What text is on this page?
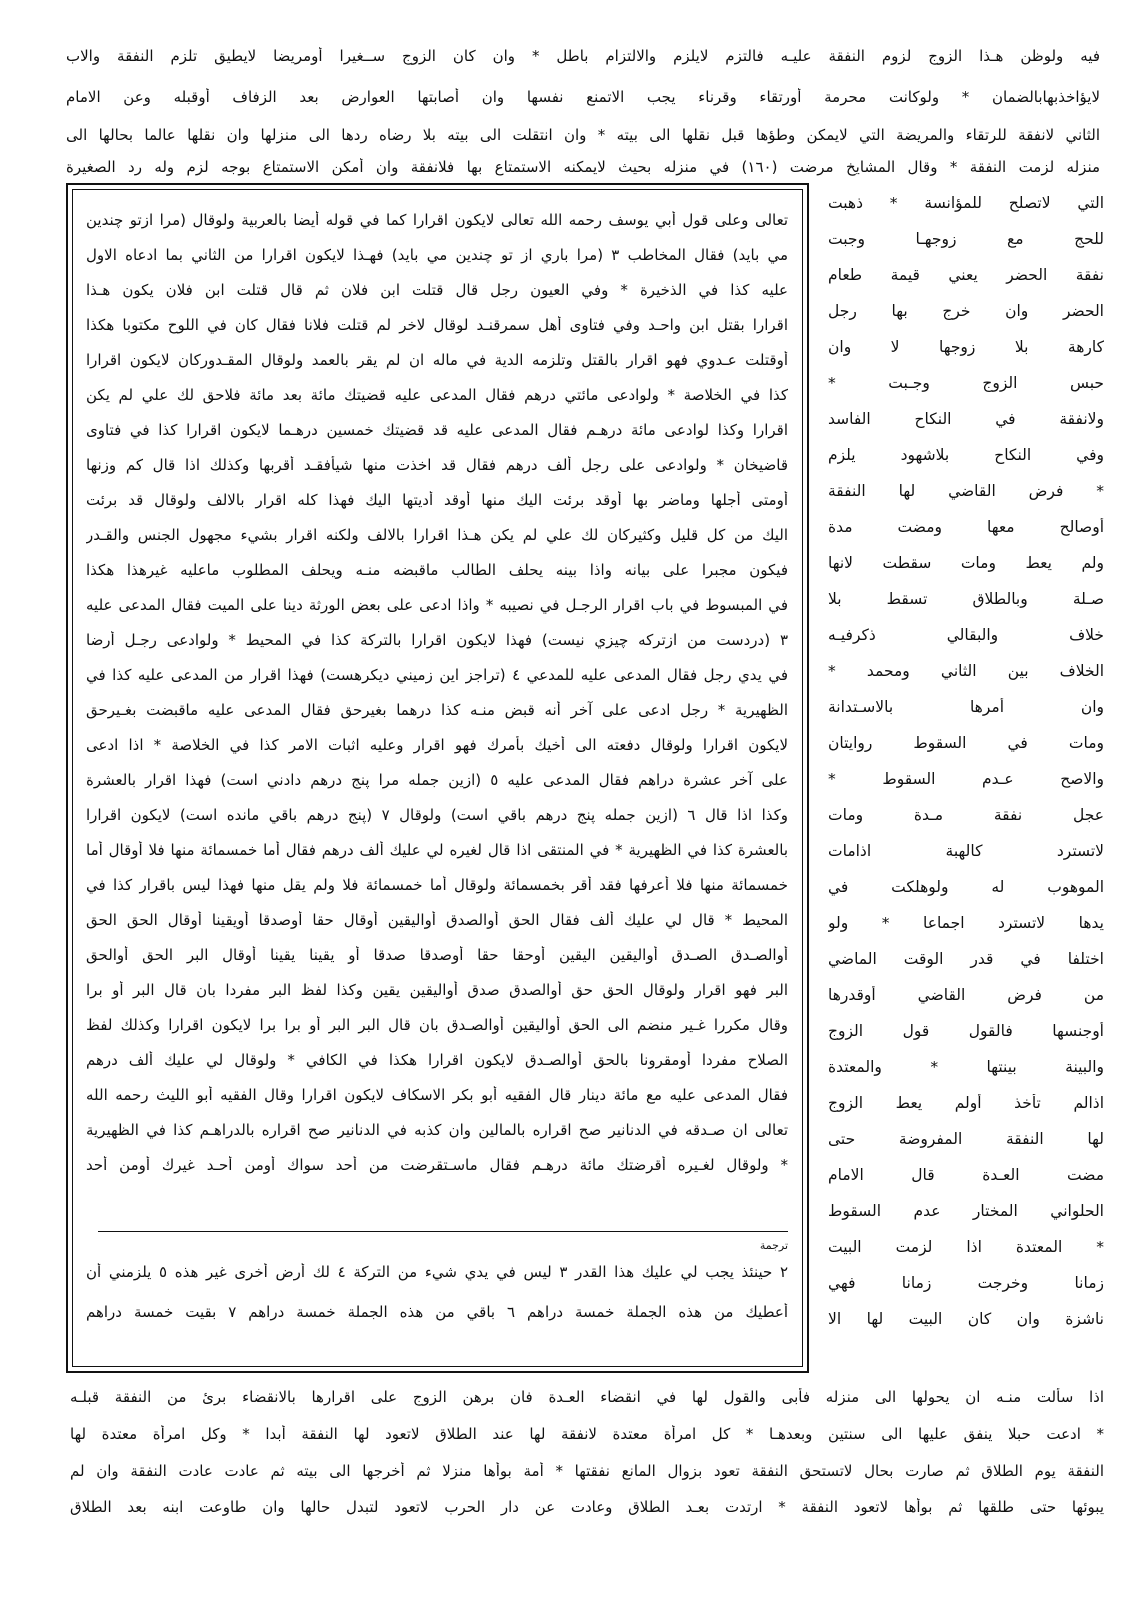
فيه ولوظن هـذا الزوج لزوم النفقة عليـه فالتزم لايلزم والالتزام باطل * وان كان الزوج ســغيرا أومريضا لايطيق تلزم النفقة والاب
لايؤاخذبهابالضمان * ولوكانت محرمة أورتقاء وقرناء يجب الاتمنع نفسها وان أصابتها العوارض بعد الزفاف أوقبله وعن الامام
الثاني لانفقة للرتقاء والمريضة التي لايمكن وطؤها قبل نقلها الى بيته * وان انتقلت الى بيته بلا رضاه ردها الى منزلها وان نقلها عالما بحالها الى
منزله لزمت النفقة * وقال المشايخ مرضت (١٦٠) في منزله بحيث لايمكنه الاستمتاع بها فلانفقة وان أمكن الاستمتاع بوجه لزم وله رد الصغيرة
التي لاتصلح للمؤانسة * ذهبت
للحج مع زوجهـا وجبت
نفقة الحضر يعني قيمة طعام
الحضر وان خرج بها رجل
كارهة بلا زوجها لا وان
حبس الزوج وجـبت *
ولانفقة في النكاح الفاسد
وفي النكاح بلاشهود يلزم
* فرض القاضي لها النفقة
أوصالح معها ومضت مدة
ولم يعط ومات سقطت لانها
صـلة وبالطلاق تسقط بلا
خلاف والبقالي ذكرفيـه
الخلاف بين الثاني ومحمد *
وان أمرها بالاسـتدانة
ومات في السقوط روايتان
والاصح عـدم السقوط *
عجل نفقة مـدة ومات
لاتسترد كالهبة اذامات
الموهوب له ولوهلكت في
يدها لاتسترد اجماعا * ولو
اختلفا في قدر الوقت الماضي
من فرض القاضي أوقدرها
أوجنسها فالقول قول الزوج
والبينة بينتها * والمعتدة
اذالم تأخذ أولم يعط الزوج
لها النفقة المفروضة حتى
مضت العـدة قال الامام
الحلواني المختار عدم السقوط
* المعتدة اذا لزمت البيت
زمانا وخرجت زمانا فهي
ناشزة وان كان البيت لها الا
تعالى وعلى قول أبي يوسف رحمه الله تعالى لايكون اقرارا كما في قوله أيضا بالعربية ولوقال (مرا ازتو چندين
مي بايد) فقال المخاطب ٣ (مرا باري از تو چندين مي بايد) فهـذا لايكون اقرارا من الثاني بما ادعاه الاول
عليه كذا في الذخيرة * وفي العيون رجل قال قتلت ابن فلان ثم قال قتلت ابن فلان يكون هـذا
اقرارا بقتل ابن واحـد وفي فتاوى أهل سمرقنـد لوقال لاخر لم قتلت فلانا فقال كان في اللوح مكتوبا هكذا
أوقتلت عـدوي فهو اقرار بالقتل وتلزمه الدية في ماله ان لم يقر بالعمد ولوقال المقـدوركان لايكون اقرارا
كذا في الخلاصة * ولوادعى مائتي درهم فقال المدعى عليه قضيتك مائة بعد مائة فلاحق لك علي لم يكن
اقرارا وكذا لوادعى مائة درهـم فقال المدعى عليه قد قضيتك خمسين درهـما لايكون اقرارا كذا في فتاوى
قاضيخان * ولوادعى على رجل ألف درهم فقال قد اخذت منها شيأفقـد أقربها وكذلك اذا قال كم وزنها
أومتى أجلها وماضر بها أوقد برئت اليك منها أوقد أديتها اليك فهذا كله اقرار بالالف ولوقال قد برئت
اليك من كل قليل وكثيركان لك علي لم يكن هـذا اقرارا بالالف ولكنه اقرار بشيء مجهول الجنس والقـدر
فيكون مجبرا على بيانه واذا بينه يحلف الطالب ماقبضه منـه ويحلف المطلوب ماعليه غيرهذا هكذا
في المبسوط في باب اقرار الرجـل في نصيبه * واذا ادعى على بعض الورثة دينا على الميت فقال المدعى عليه
٣ (دردست من ازتركه چيزي نيست) فهذا لايكون اقرارا بالتركة كذا في المحيط * ولوادعى رجـل أرضا
في يدي رجل فقال المدعى عليه للمدعي ٤ (تراجز اين زميني ديكرهست) فهذا اقرار من المدعى عليه كذا في
الظهيرية * رجل ادعى على آخر أنه قبض منـه كذا درهما بغيرحق فقال المدعى عليه ماقبضت بغـيرحق
لايكون اقرارا ولوقال دفعته الى أخيك بأمرك فهو اقرار وعليه اثبات الامر كذا في الخلاصة * اذا ادعى
على آخر عشرة دراهم فقال المدعى عليه ٥ (ازين جمله مرا پنج درهم دادني است) فهذا اقرار بالعشرة
وكذا اذا قال ٦ (ازين جمله پنج درهم باقي است) ولوقال ٧ (پنج درهم باقي مانده است) لايكون اقرارا
بالعشرة كذا في الظهيرية * في المنتقى اذا قال لغيره لي عليك ألف درهم فقال أما خمسمائة منها فلا أوقال أما
خمسمائة منها فلا أعرفها فقد أقر بخمسمائة ولوقال أما خمسمائة فلا ولم يقل منها فهذا ليس باقرار كذا في
المحيط * قال لي عليك ألف فقال الحق أوالصدق أواليقين أوقال حقا أوصدقا أويقينا أوقال الحق الحق
أوالصـدق الصـدق أواليقين اليقين أوحقا حقا أوصدقا صدقا أو يقينا يقينا أوقال البر الحق أوالحق
البر فهو اقرار ولوقال الحق حق أوالصدق صدق أواليقين يقين وكذا لفظ البر مفردا بان قال البر أو برا
وقال مكررا غـير منضم الى الحق أواليقين أوالصـدق بان قال البر البر أو برا برا لايكون اقرارا وكذلك لفظ
الصلاح مفردا أومقرونا بالحق أوالصـدق لايكون اقرارا هكذا في الكافي * ولوقال لي عليك ألف درهم
فقال المدعى عليه مع مائة دينار قال الفقيه أبو بكر الاسكاف لايكون اقرارا وقال الفقيه أبو الليث رحمه الله
تعالى ان صـدقه في الدنانير صح اقراره بالمالين وان كذبه في الدنانير صح اقراره بالدراهـم كذا في الظهيرية
* ولوقال لغـيره أقرضتك مائة درهـم فقال ماسـتقرضت من أحد سواك أومن أحـد غيرك أومن أحد
ترجمة
٢ حينئذ يجب لي عليك هذا القدر ٣ ليس في يدي شيء من التركة ٤ لك أرض أخرى غير هذه ٥ يلزمني أن
أعطيك من هذه الجملة خمسة دراهم ٦ باقي من هذه الجملة خمسة دراهم ٧ بقيت خمسة دراهم
اذا سألت منـه ان يحولها الى منزله فأبى والقول لها في انقضاء العـدة فان برهن الزوج على اقرارها بالانقضاء برئ من النفقة قبلـه
* ادعت حبلا ينفق عليها الى سنتين وبعدهـا * كل امرأة معتدة لانفقة لها عند الطلاق لاتعود لها النفقة أبدا * وكل امرأة معتدة لها
النفقة يوم الطلاق ثم صارت بحال لاتستحق النفقة تعود بزوال المانع نفقتها * أمة بوأها منزلا ثم أخرجها الى بيته ثم عادت عادت النفقة وان لم
يبوئها حتى طلقها ثم بوأها لاتعود النفقة * ارتدت بعـد الطلاق وعادت عن دار الحرب لاتعود لتبدل حالها وان طاوعت ابنه بعد الطلاق
